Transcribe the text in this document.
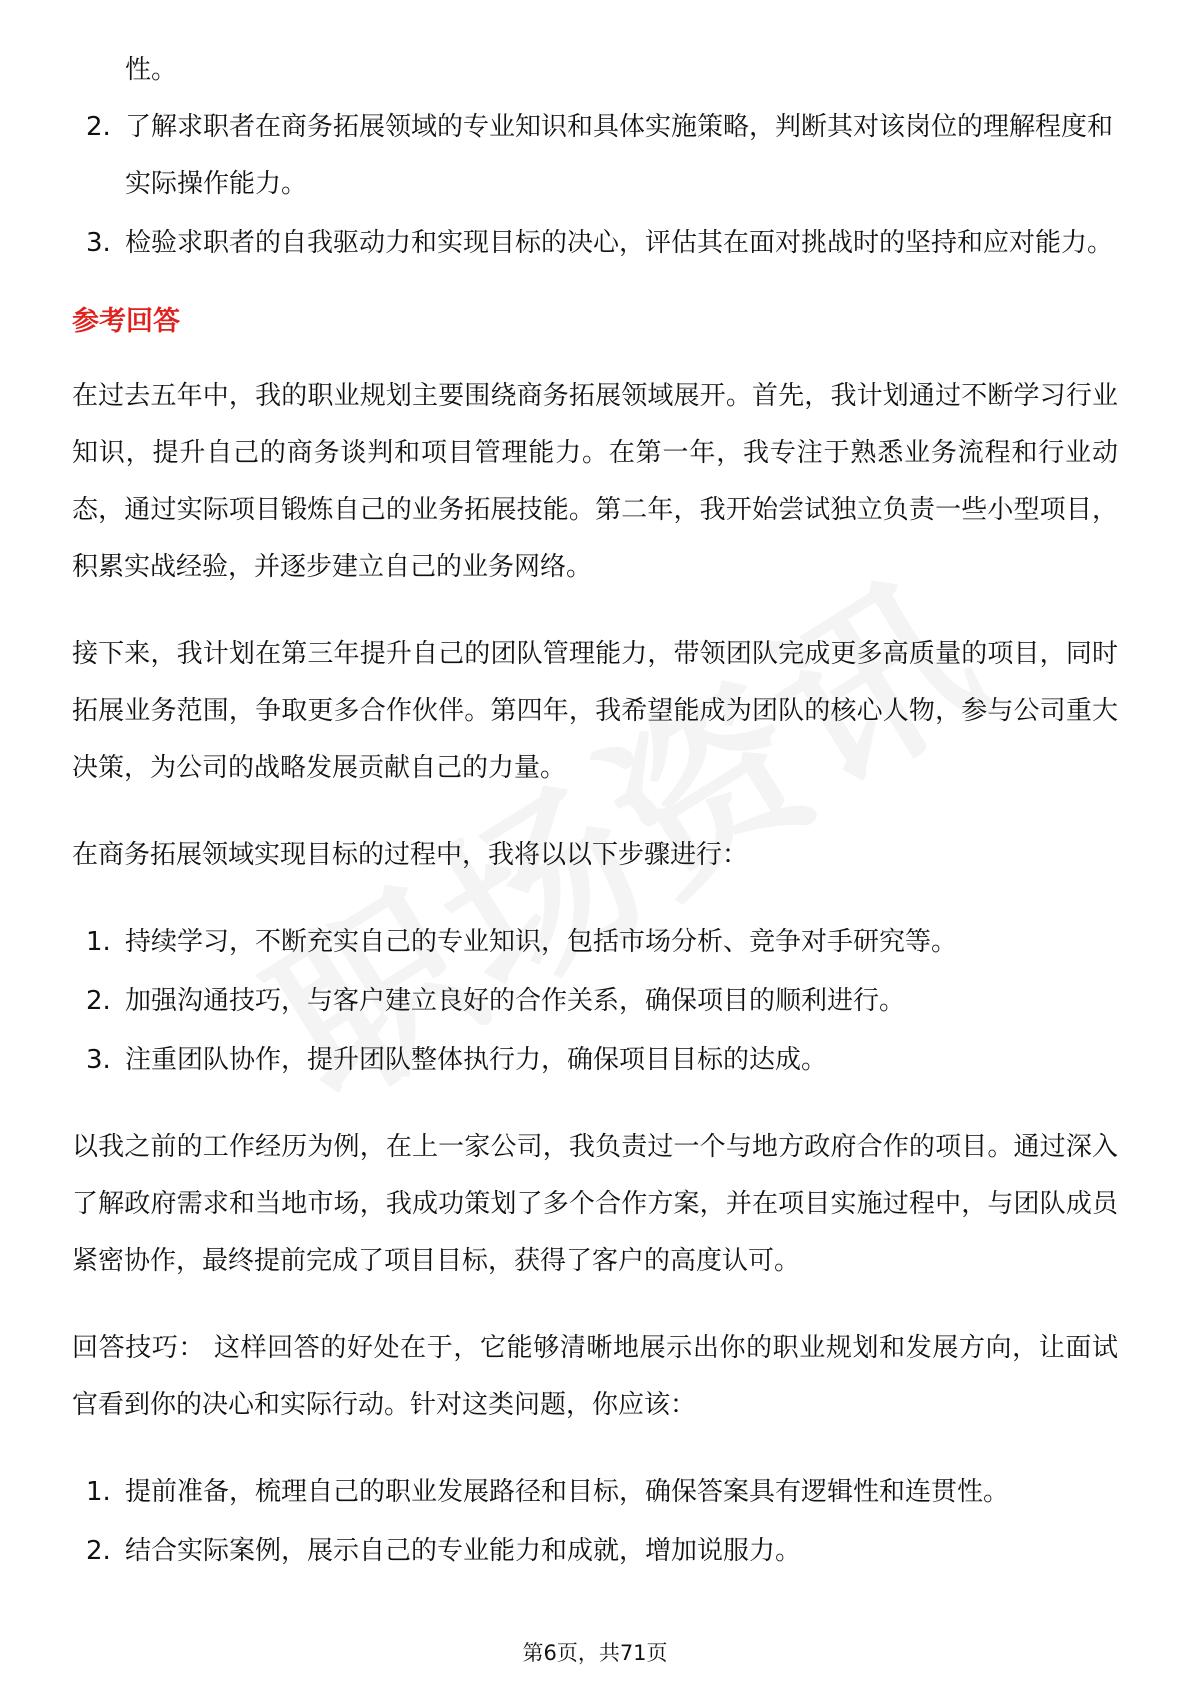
性。
2. 了解求职者在商务拓展领域的专业知识和具体实施策略，判断其对该岗位的理解程度和实际操作能力。
3. 检验求职者的自我驱动力和实现目标的决心，评估其在面对挑战时的坚持和应对能力。
参考回答

在过去五年中，我的职业规划主要围绕商务拓展领域展开。首先，我计划通过不断学习行业知识，提升自己的商务谈判和项目管理能力。在第一年，我专注于熟悉业务流程和行业动态，通过实际项目锻炼自己的业务拓展技能。第二年，我开始尝试独立负责一些小型项目，积累实战经验，并逐步建立自己的业务网络。

接下来，我计划在第三年提升自己的团队管理能力，带领团队完成更多高质量的项目，同时拓展业务范围，争取更多合作伙伴。第四年，我希望能成为团队的核心人物，参与公司重大决策，为公司的战略发展贡献自己的力量。

在商务拓展领域实现目标的过程中，我将以以下步骤进行：

1. 持续学习，不断充实自己的专业知识，包括市场分析、竞争对手研究等。
2. 加强沟通技巧，与客户建立良好的合作关系，确保项目的顺利进行。
3. 注重团队协作，提升团队整体执行力，确保项目目标的达成。

以我之前的工作经历为例，在上一家公司，我负责过一个与地方政府合作的项目。通过深入了解政府需求和当地市场，我成功策划了多个合作方案，并在项目实施过程中，与团队成员紧密协作，最终提前完成了项目目标，获得了客户的高度认可。

回答技巧： 这样回答的好处在于，它能够清晰地展示出你的职业规划和发展方向，让面试官看到你的决心和实际行动。针对这类问题，你应该：

1. 提前准备，梳理自己的职业发展路径和目标，确保答案具有逻辑性和连贯性。
2. 结合实际案例，展示自己的专业能力和成就，增加说服力。
第6页，共71页
